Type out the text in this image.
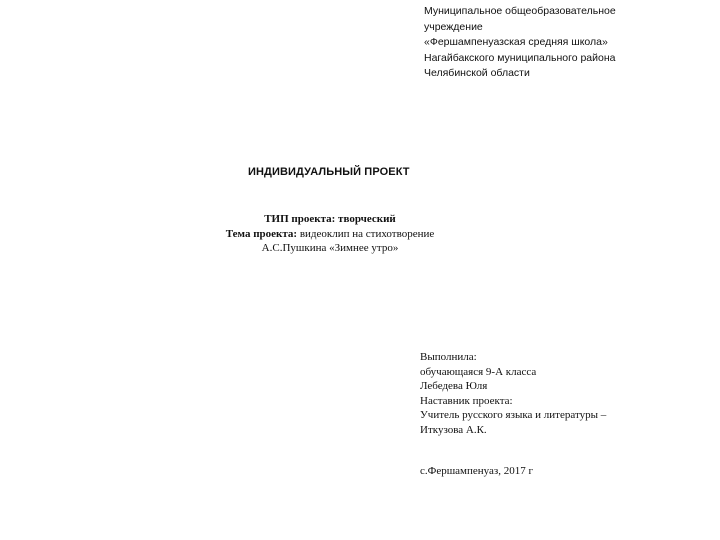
Муниципальное общеобразовательное
учреждение
«Фершампенуазская средняя школа»
Нагайбакского муниципального района
Челябинской области
ИНДИВИДУАЛЬНЫЙ ПРОЕКТ
ТИП проекта: творческий
Тема проекта: видеоклип на стихотворение
А.С.Пушкина «Зимнее утро»
Выполнила:
обучающаяся 9-А класса
Лебедева Юля
Наставник проекта:
Учитель русского языка и литературы –
Иткузова А.К.
с.Фершампенуаз, 2017 г
